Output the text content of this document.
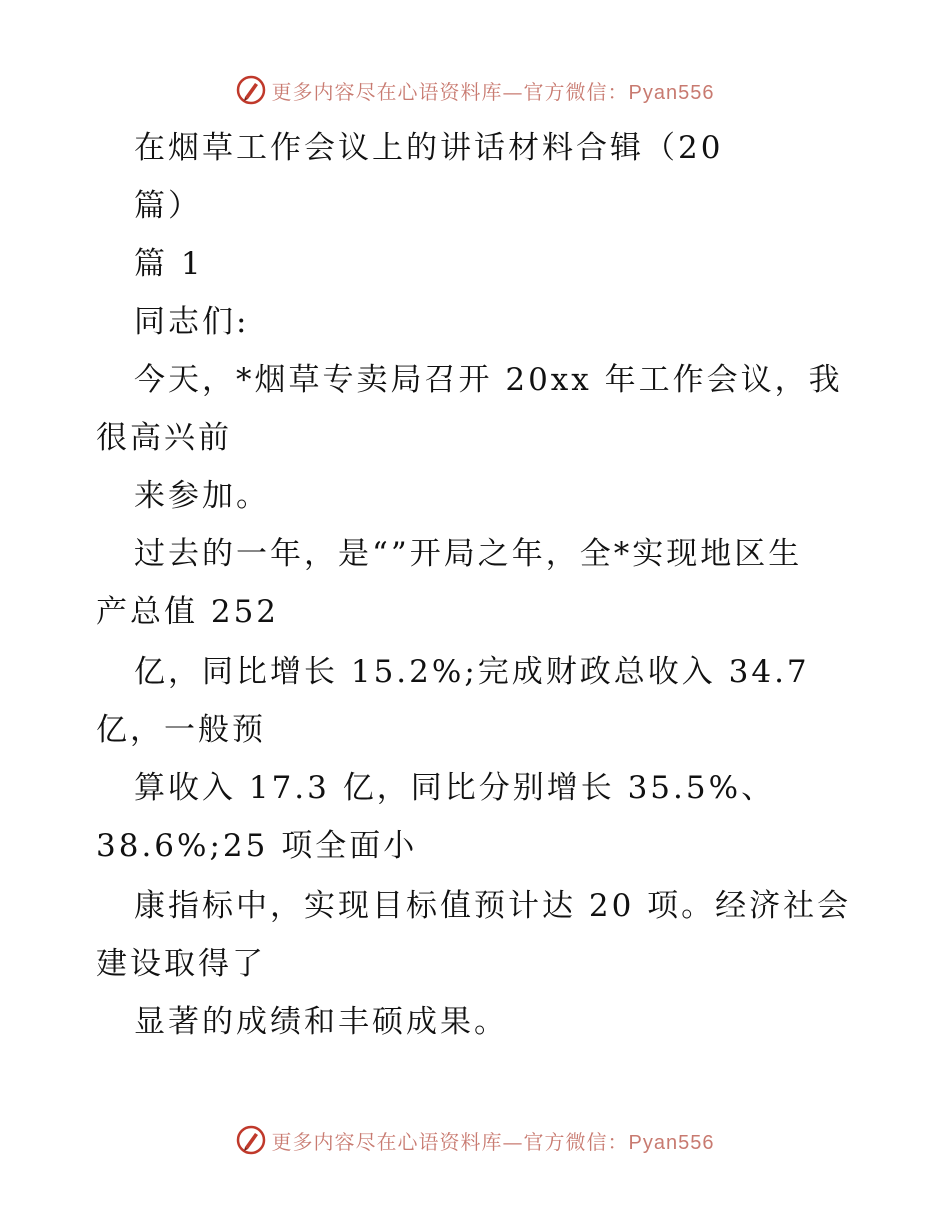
更多内容尽在心语资料库—官方微信：Pyan556
在烟草工作会议上的讲话材料合辑（20
篇）
篇 1
同志们:
今天，*烟草专卖局召开 20xx 年工作会议，我
很高兴前
来参加。
过去的一年，是“”开局之年，全*实现地区生
产总值 252
亿，同比增长 15.2%;完成财政总收入 34.7
亿，一般预
算收入 17.3 亿，同比分别增长 35.5%、
38.6%;25 项全面小
康指标中，实现目标值预计达 20 项。经济社会
建设取得了
显著的成绩和丰硕成果。
更多内容尽在心语资料库—官方微信：Pyan556
